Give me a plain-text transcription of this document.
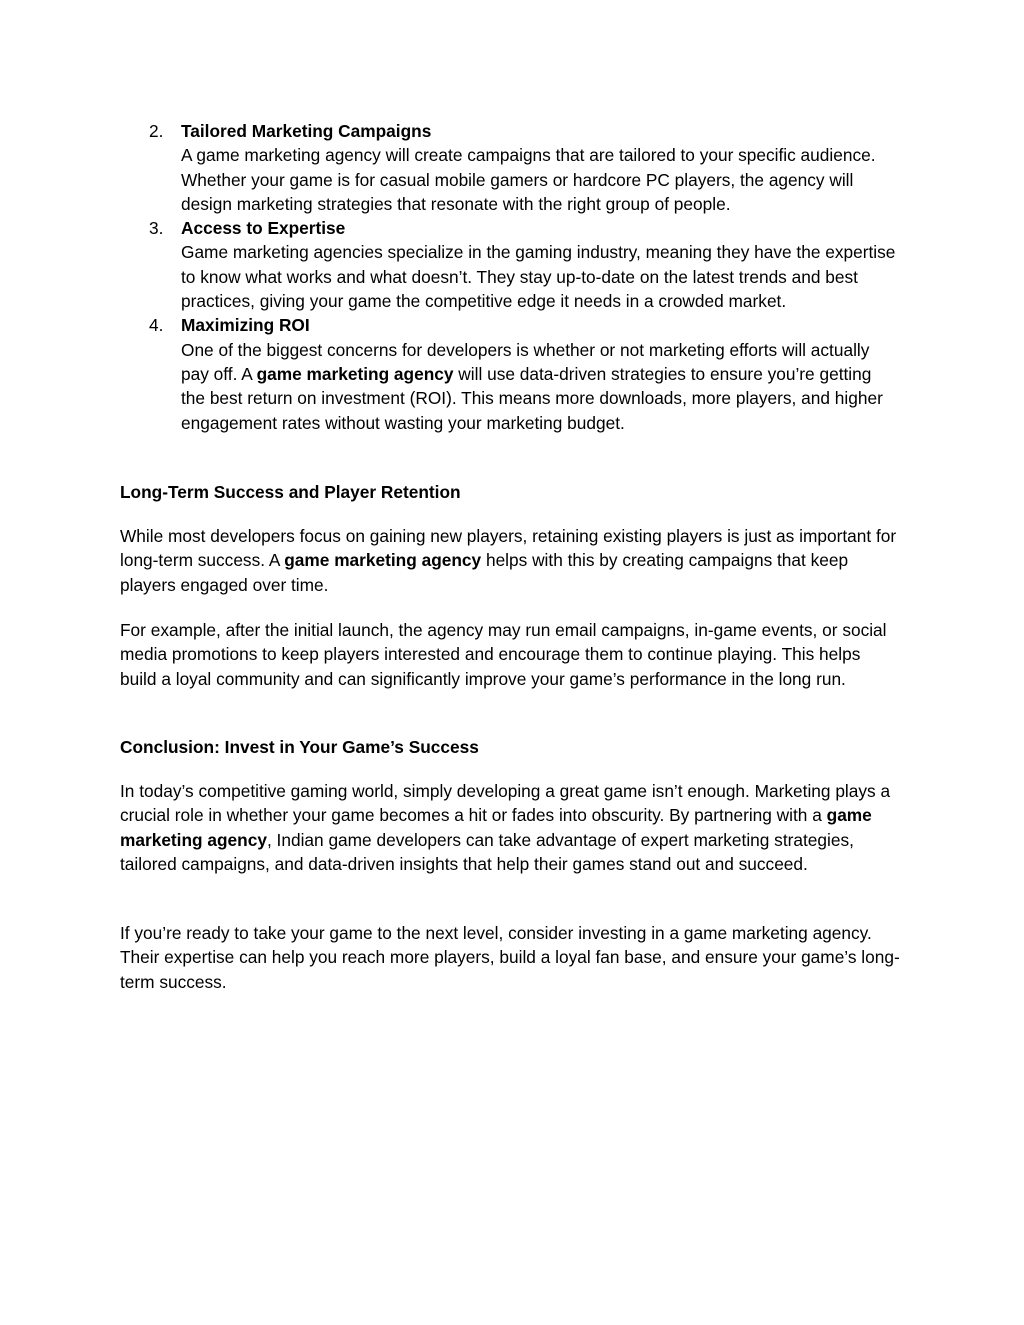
2.	Tailored Marketing Campaigns
A game marketing agency will create campaigns that are tailored to your specific audience. Whether your game is for casual mobile gamers or hardcore PC players, the agency will design marketing strategies that resonate with the right group of people.
3.	Access to Expertise
Game marketing agencies specialize in the gaming industry, meaning they have the expertise to know what works and what doesn’t. They stay up-to-date on the latest trends and best practices, giving your game the competitive edge it needs in a crowded market.
4.	Maximizing ROI
One of the biggest concerns for developers is whether or not marketing efforts will actually pay off. A game marketing agency will use data-driven strategies to ensure you’re getting the best return on investment (ROI). This means more downloads, more players, and higher engagement rates without wasting your marketing budget.

Long-Term Success and Player Retention

While most developers focus on gaining new players, retaining existing players is just as important for long-term success. A game marketing agency helps with this by creating campaigns that keep players engaged over time.

For example, after the initial launch, the agency may run email campaigns, in-game events, or social media promotions to keep players interested and encourage them to continue playing. This helps build a loyal community and can significantly improve your game’s performance in the long run.

Conclusion: Invest in Your Game’s Success

In today’s competitive gaming world, simply developing a great game isn’t enough. Marketing plays a crucial role in whether your game becomes a hit or fades into obscurity. By partnering with a game marketing agency, Indian game developers can take advantage of expert marketing strategies, tailored campaigns, and data-driven insights that help their games stand out and succeed.

If you’re ready to take your game to the next level, consider investing in a game marketing agency. Their expertise can help you reach more players, build a loyal fan base, and ensure your game’s long-term success.
